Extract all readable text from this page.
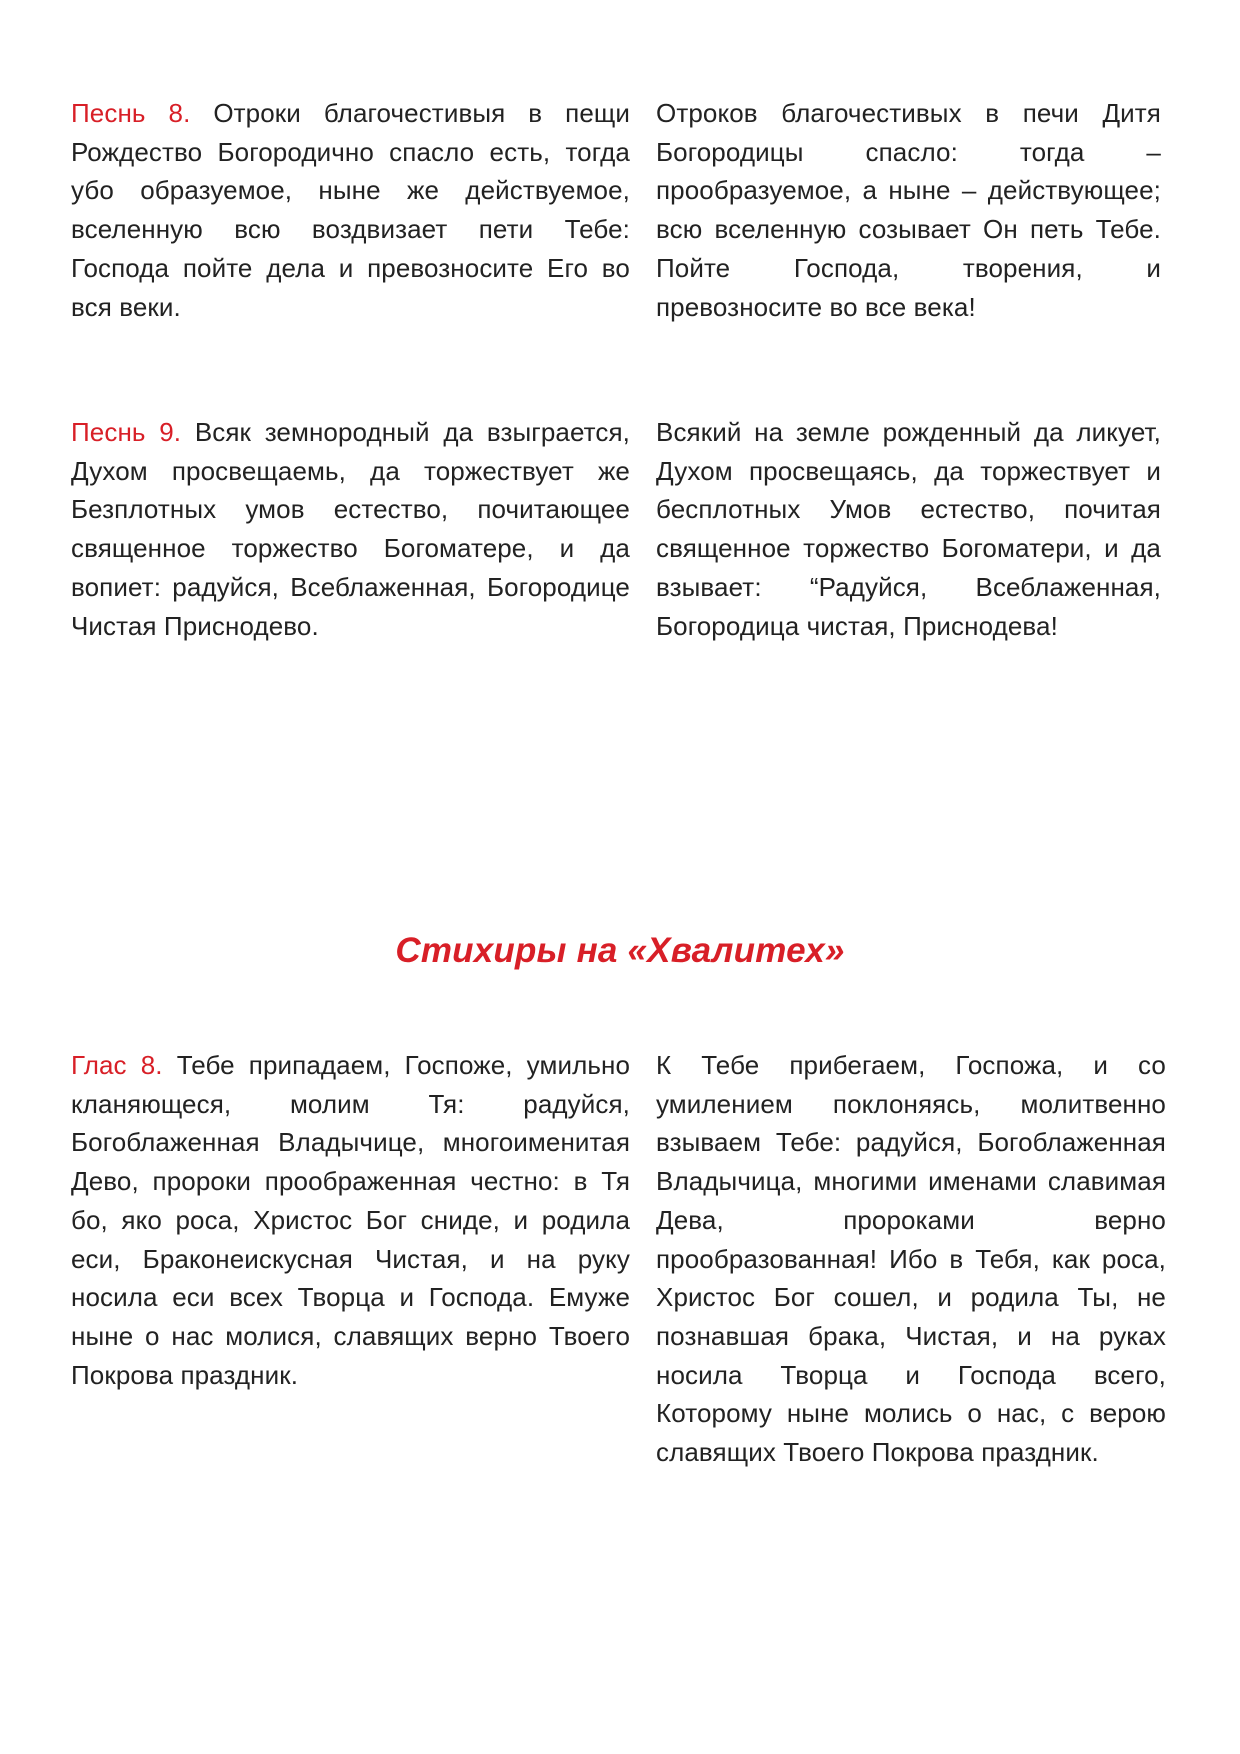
Песнь 8. Отроки благочестивыя в пещи Рождество Богородично спасло есть, тогда убо образуемое, ныне же действуемое, вселенную всю воздвизает пети Тебе: Господа пойте дела и превозносите Его во вся веки.
Отроков благочестивых в печи Дитя Богородицы спасло: тогда – прообразуемое, а ныне – действующее; всю вселенную созывает Он петь Тебе. Пойте Господа, творения, и превозносите во все века!
Песнь 9. Всяк земнородный да взыграется, Духом просвещаемь, да торжествует же Безплотных умов естество, почитающее священное торжество Богоматере, и да вопиет: радуйся, Всеблаженная, Богородице Чистая Приснодево.
Всякий на земле рожденный да ликует, Духом просвещаясь, да торжествует и бесплотных Умов естество, почитая священное торжество Богоматери, и да взывает: “Радуйся, Всеблаженная, Богородица чистая, Приснодева!
Стихиры на «Хвалитех»
Глас 8. Тебе припадаем, Госпоже, умильно кланяющеся, молим Тя: радуйся, Богоблаженная Владычице, многоименитая Дево, пророки проображенная честно: в Тя бо, яко роса, Христос Бог сниде, и родила еси, Браконеискусная Чистая, и на руку носила еси всех Творца и Господа. Емуже ныне о нас молися, славящих верно Твоего Покрова праздник.
К Тебе прибегаем, Госпожа, и со умилением поклоняясь, молитвенно взываем Тебе: радуйся, Богоблаженная Владычица, многими именами славимая Дева, пророками верно прообразованная! Ибо в Тебя, как роса, Христос Бог сошел, и родила Ты, не познавшая брака, Чистая, и на руках носила Творца и Господа всего, Которому ныне молись о нас, с верою славящих Твоего Покрова праздник.
